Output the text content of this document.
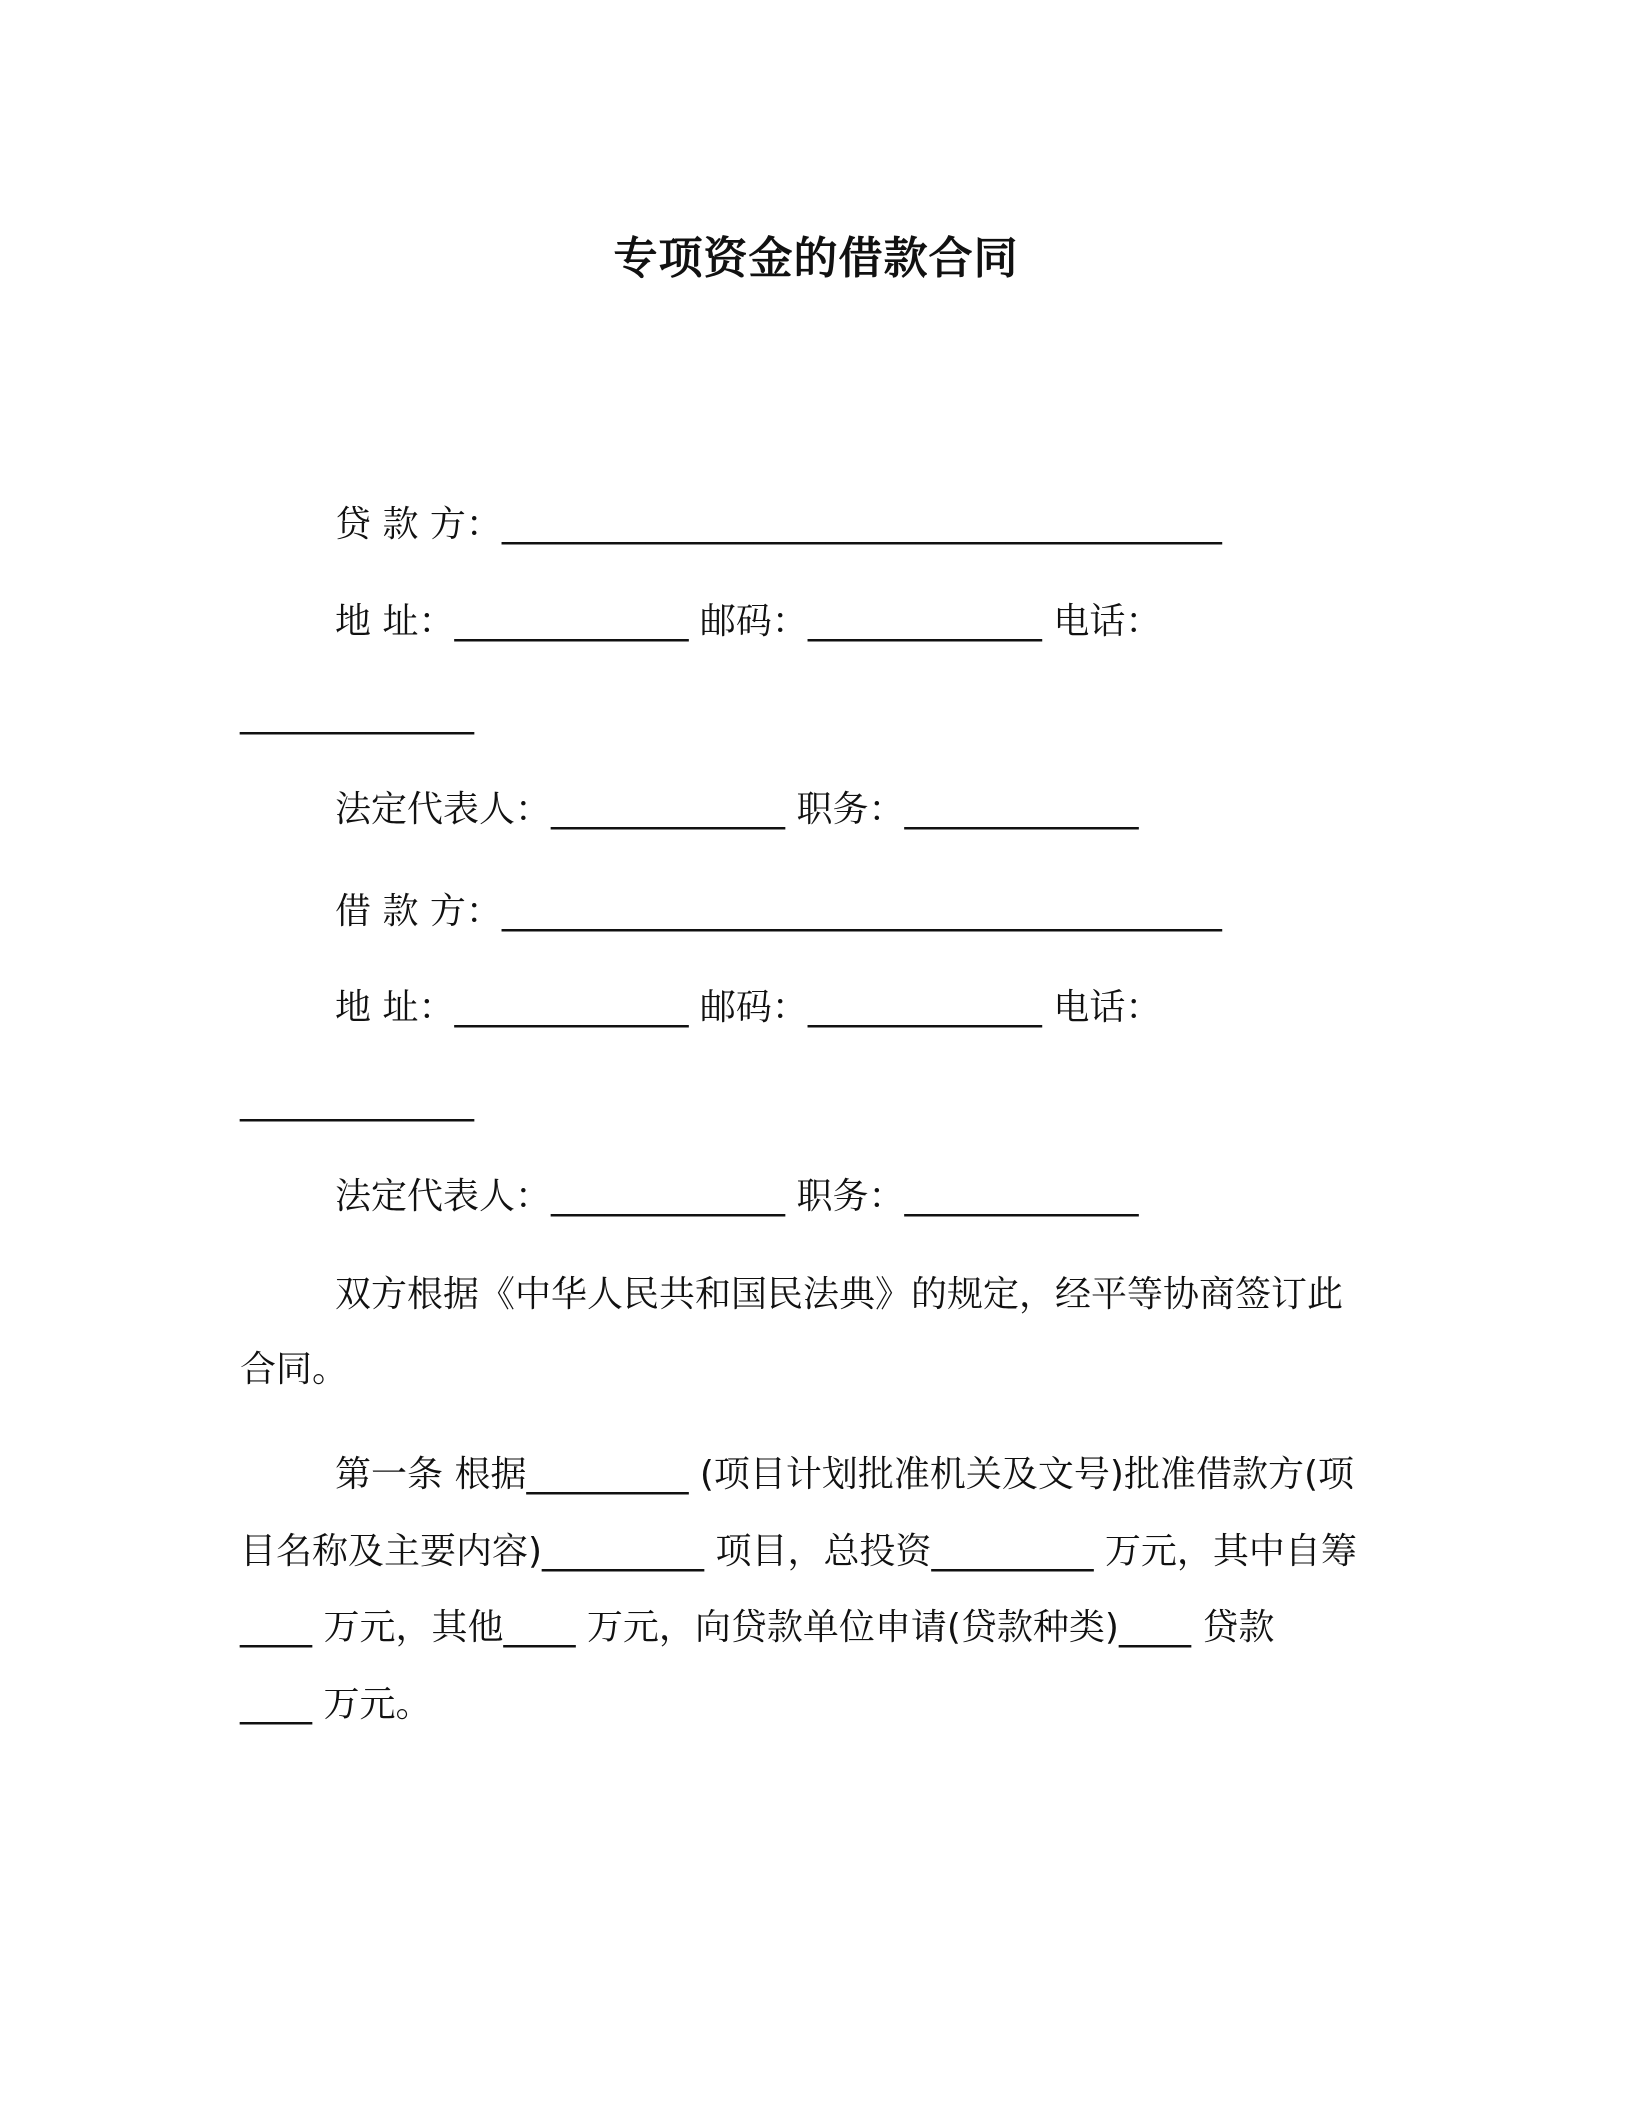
专项资金的借款合同
贷 款 方：________________________________________
地 址：_____________ 邮码：_____________ 电话：
_____________
法定代表人：_____________ 职务：_____________
借 款 方：________________________________________
地 址：_____________ 邮码：_____________ 电话：
_____________
法定代表人：_____________ 职务：_____________
双方根据《中华人民共和国民法典》的规定，经平等协商签订此
合同。
第一条 根据_________ (项目计划批准机关及文号)批准借款方(项
目名称及主要内容)_________ 项目，总投资_________ 万元，其中自筹
____ 万元，其他____ 万元，向贷款单位申请(贷款种类)____ 贷款
____ 万元。
